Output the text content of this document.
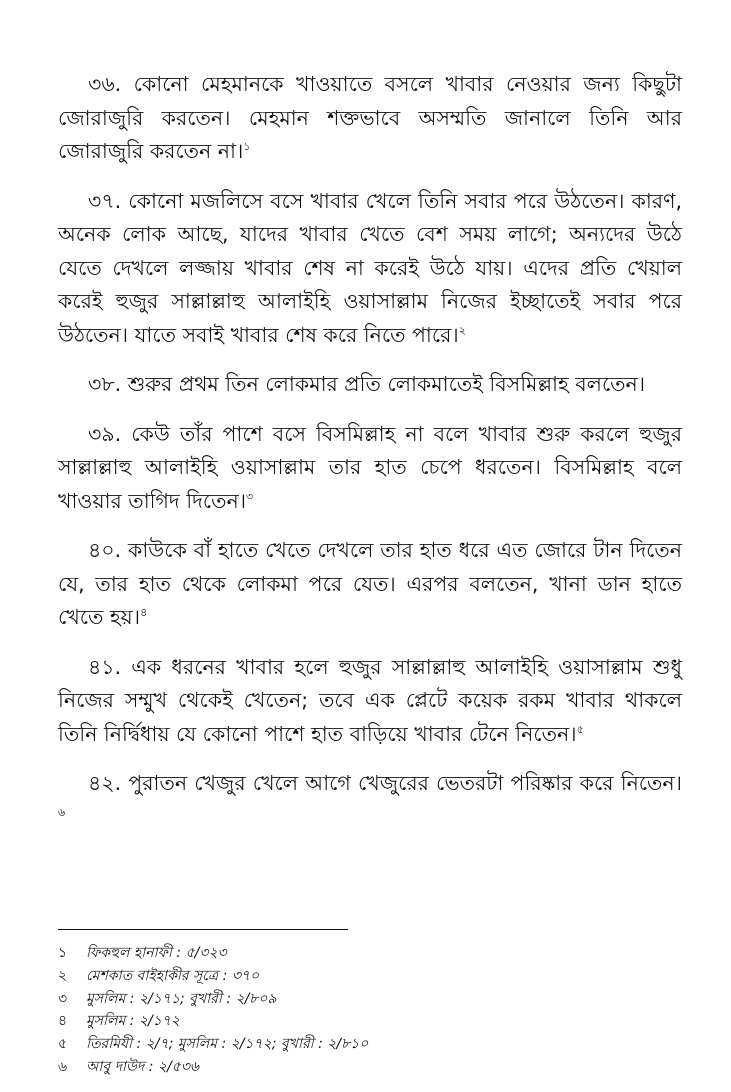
৩৬. কোনো মেহমানকে খাওয়াতে বসলে খাবার নেওয়ার জন্য কিছুটা জোরাজুরি করতেন। মেহমান শক্তভাবে অসম্মতি জানালে তিনি আর জোরাজুরি করতেন না।$^১$

৩৭. কোনো মজলিসে বসে খাবার খেলে তিনি সবার পরে উঠতেন। কারণ, অনেক লোক আছে, যাদের খাবার খেতে বেশ সময় লাগে; অন্যদের উঠে যেতে দেখলে লজ্জায় খাবার শেষ না করেই উঠে যায়। এদের প্রতি খেয়াল করেই হুজুর সাল্লাল্লাহু আলাইহি ওয়াসাল্লাম নিজের ইচ্ছাতেই সবার পরে উঠতেন। যাতে সবাই খাবার শেষ করে নিতে পারে।$^২$

৩৮. শুরুর প্রথম তিন লোকমার প্রতি লোকমাতেই বিসমিল্লাহ বলতেন।

৩৯. কেউ তাঁর পাশে বসে বিসমিল্লাহ না বলে খাবার শুরু করলে হুজুর সাল্লাল্লাহু আলাইহি ওয়াসাল্লাম তার হাত চেপে ধরতেন। বিসমিল্লাহ বলে খাওয়ার তাগিদ দিতেন।$^৩$

৪০. কাউকে বাঁ হাতে খেতে দেখলে তার হাত ধরে এত জোরে টান দিতেন যে, তার হাত থেকে লোকমা পরে যেত। এরপর বলতেন, খানা ডান হাতে খেতে হয়।$^৪$

৪১. এক ধরনের খাবার হলে হুজুর সাল্লাল্লাহু আলাইহি ওয়াসাল্লাম শুধু নিজের সম্মুখ থেকেই খেতেন; তবে এক প্লেটে কয়েক রকম খাবার থাকলে তিনি নির্দ্বিধায় যে কোনো পাশে হাত বাড়িয়ে খাবার টেনে নিতেন।$^৫$

৪২. পুরাতন খেজুর খেলে আগে খেজুরের ভেতরটা পরিষ্কার করে নিতেন।$^৬$

১ ফিকহুল হানাফী : ৫/৩২৩
২ মেশকাত বাইহাকীর সূত্রে : ৩৭০
৩ মুসলিম : ২/১৭১; বুখারী : ২/৮০৯
৪ মুসলিম : ২/১৭২
৫ তিরমিযী : ২/৭; মুসলিম : ২/১৭২; বুখারী : ২/৮১০
৬ আবু দাউদ : ২/৫৩৬
